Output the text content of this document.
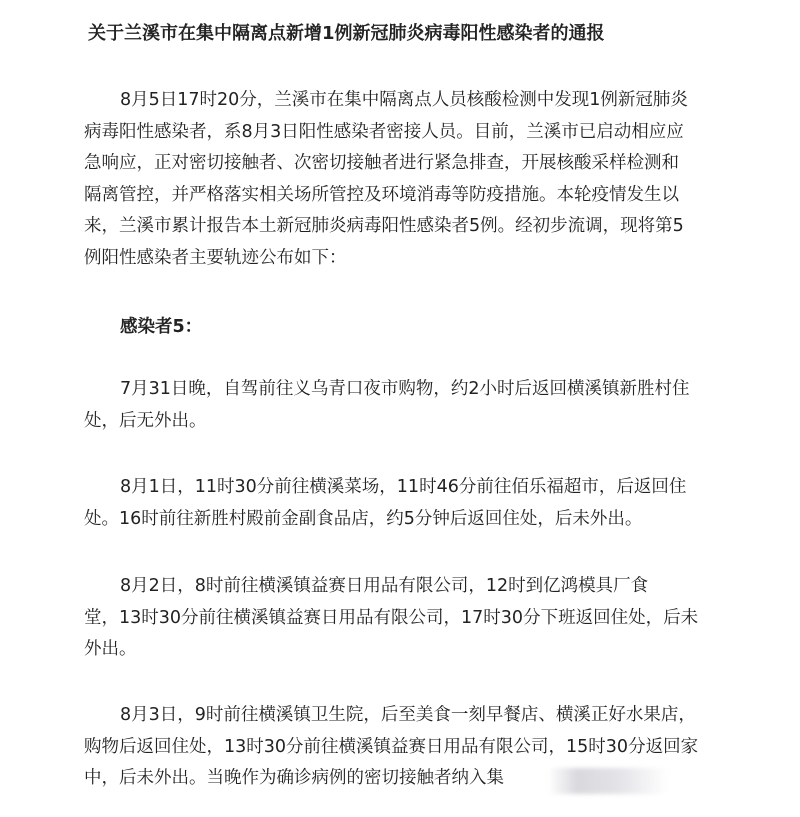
关于兰溪市在集中隔离点新增1例新冠肺炎病毒阳性感染者的通报
8月5日17时20分，兰溪市在集中隔离点人员核酸检测中发现1例新冠肺炎
病毒阳性感染者，系8月3日阳性感染者密接人员。目前，兰溪市已启动相应应
急响应，正对密切接触者、次密切接触者进行紧急排查，开展核酸采样检测和
隔离管控，并严格落实相关场所管控及环境消毒等防疫措施。本轮疫情发生以
来，兰溪市累计报告本土新冠肺炎病毒阳性感染者5例。经初步流调，现将第5
例阳性感染者主要轨迹公布如下：
感染者5：
7月31日晚，自驾前往义乌青口夜市购物，约2小时后返回横溪镇新胜村住
处，后无外出。
8月1日，11时30分前往横溪菜场，11时46分前往佰乐福超市，后返回住
处。16时前往新胜村殿前金副食品店，约5分钟后返回住处，后未外出。
8月2日，8时前往横溪镇益赛日用品有限公司，12时到亿鸿模具厂食
堂，13时30分前往横溪镇益赛日用品有限公司，17时30分下班返回住处，后未
外出。
8月3日，9时前往横溪镇卫生院，后至美食一刻早餐店、横溪正好水果店，
购物后返回住处，13时30分前往横溪镇益赛日用品有限公司，15时30分返回家
中，后未外出。当晚作为确诊病例的密切接触者纳入集
